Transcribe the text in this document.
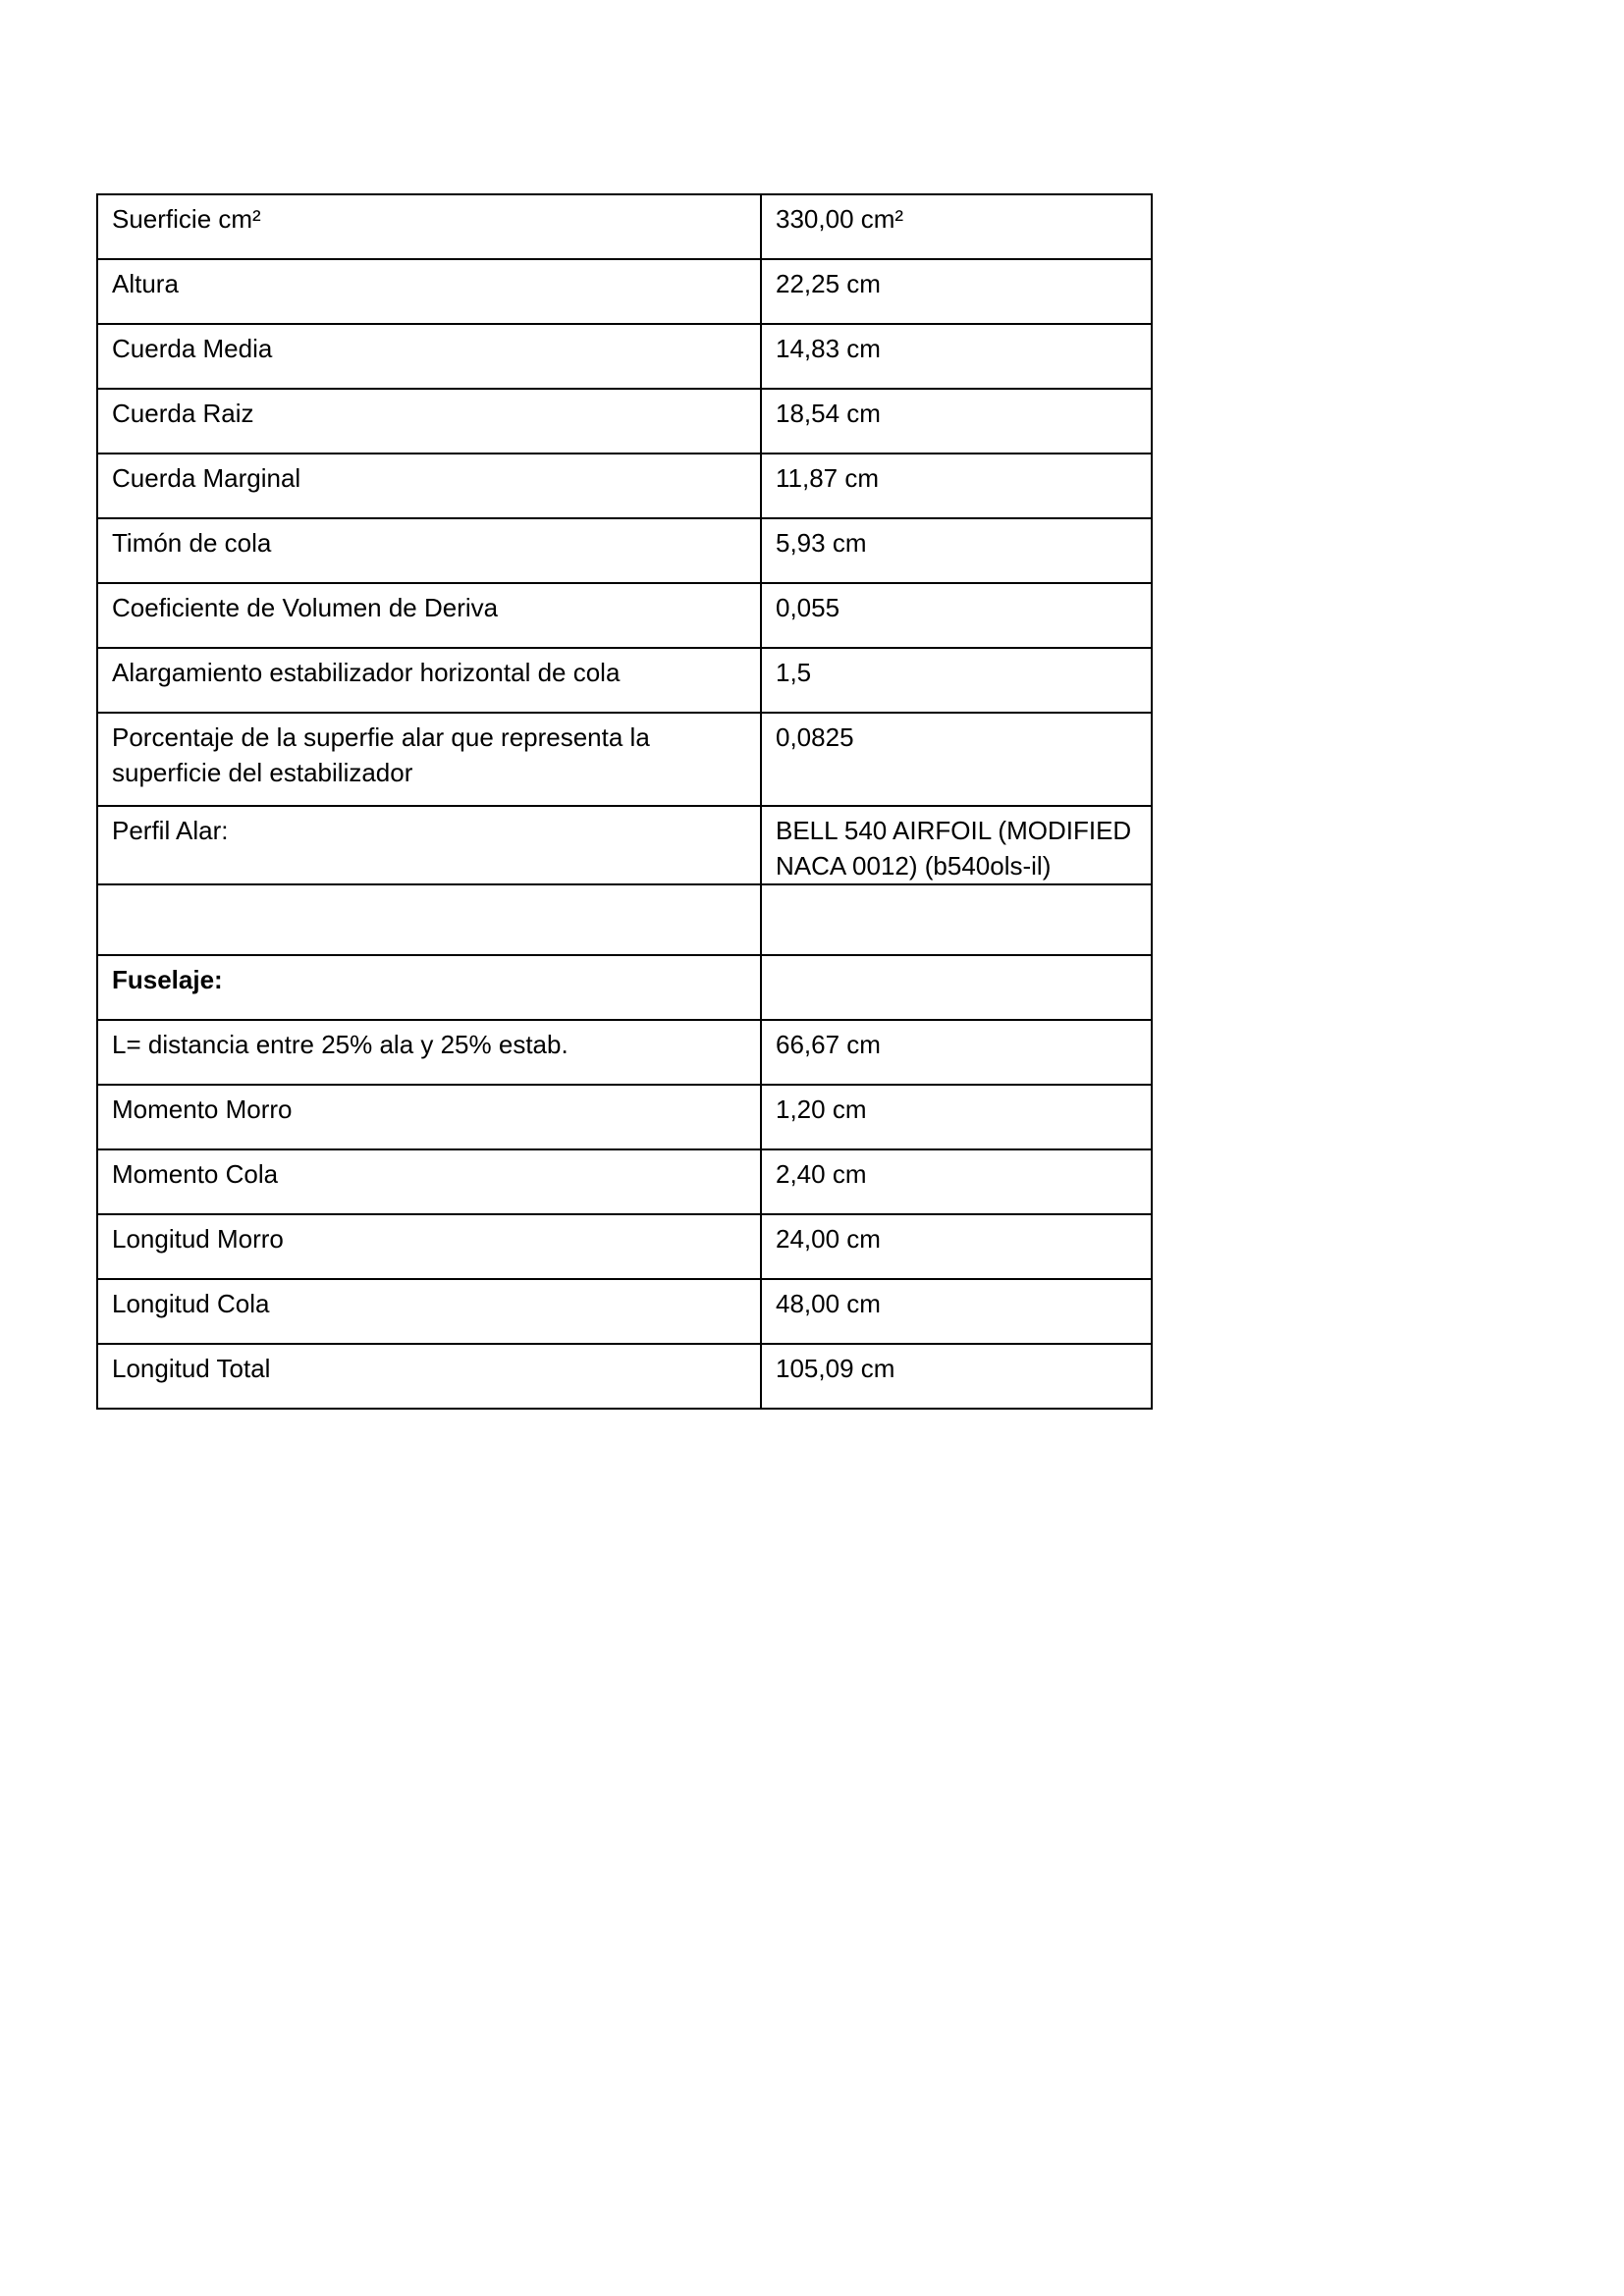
Suerficie cm²	330,00 cm²
Altura	22,25 cm
Cuerda Media	14,83 cm
Cuerda Raiz	18,54 cm
Cuerda Marginal	11,87 cm
Timón de cola	5,93 cm
Coeficiente de Volumen de Deriva	0,055
Alargamiento estabilizador horizontal de cola	1,5
Porcentaje de la superfie alar que representa la superficie del estabilizador	0,0825
Perfil Alar:	BELL 540 AIRFOIL (MODIFIED NACA 0012) (b540ols-il)

Fuselaje:	
L= distancia entre 25% ala y 25% estab.	66,67 cm
Momento Morro	1,20 cm
Momento Cola	2,40 cm
Longitud Morro	24,00 cm
Longitud Cola	48,00 cm
Longitud Total	105,09 cm
